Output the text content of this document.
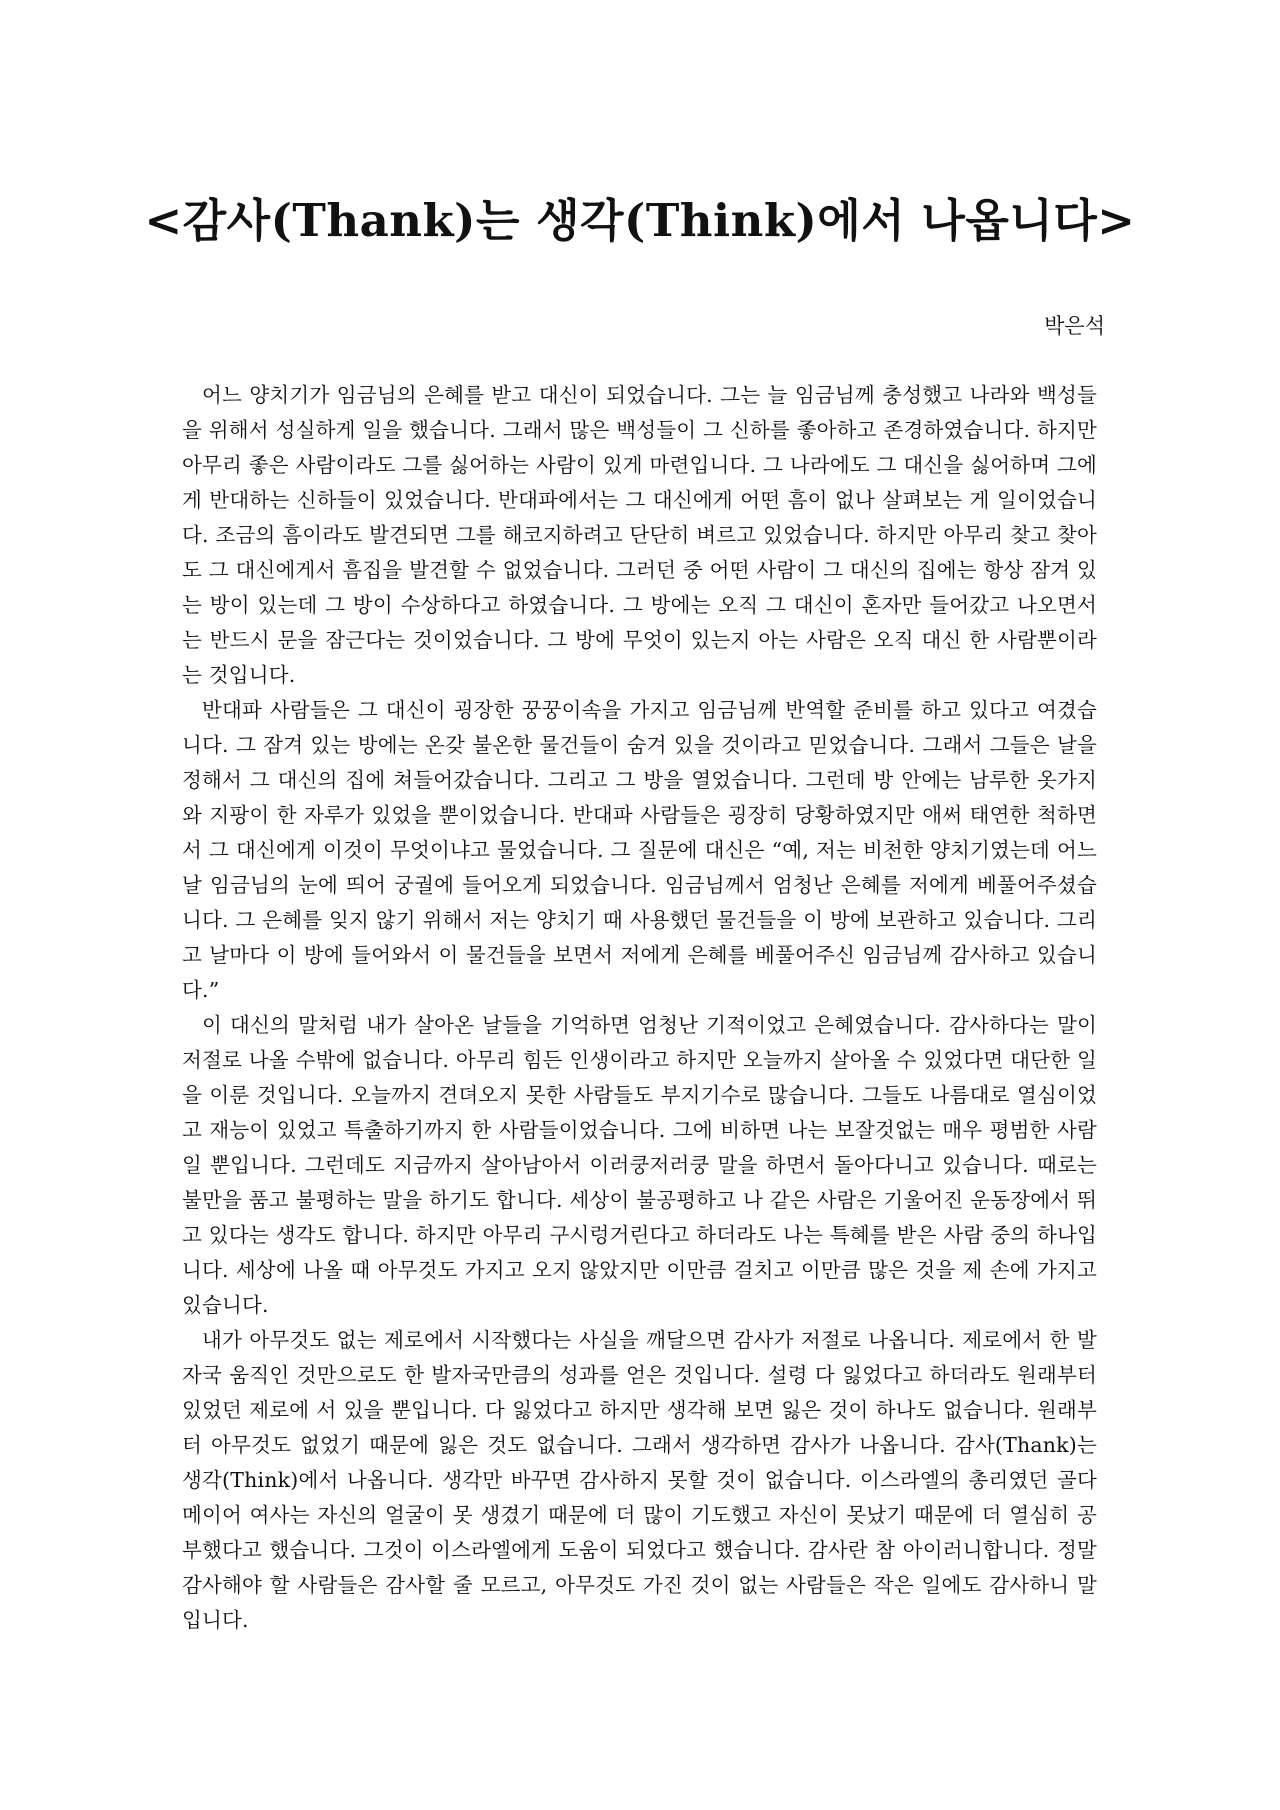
<감사(Thank)는 생각(Think)에서 나옵니다>

박은석

어느 양치기가 임금님의 은혜를 받고 대신이 되었습니다. 그는 늘 임금님께 충성했고 나라와 백성들을 위해서 성실하게 일을 했습니다. 그래서 많은 백성들이 그 신하를 좋아하고 존경하였습니다. 하지만 아무리 좋은 사람이라도 그를 싫어하는 사람이 있게 마련입니다. 그 나라에도 그 대신을 싫어하며 그에게 반대하는 신하들이 있었습니다. 반대파에서는 그 대신에게 어떤 흠이 없나 살펴보는 게 일이었습니다. 조금의 흠이라도 발견되면 그를 해코지하려고 단단히 벼르고 있었습니다. 하지만 아무리 찾고 찾아도 그 대신에게서 흠집을 발견할 수 없었습니다. 그러던 중 어떤 사람이 그 대신의 집에는 항상 잠겨 있는 방이 있는데 그 방이 수상하다고 하였습니다. 그 방에는 오직 그 대신이 혼자만 들어갔고 나오면서는 반드시 문을 잠근다는 것이었습니다. 그 방에 무엇이 있는지 아는 사람은 오직 대신 한 사람뿐이라는 것입니다.

반대파 사람들은 그 대신이 굉장한 꿍꿍이속을 가지고 임금님께 반역할 준비를 하고 있다고 여겼습니다. 그 잠겨 있는 방에는 온갖 불온한 물건들이 숨겨 있을 것이라고 믿었습니다. 그래서 그들은 날을 정해서 그 대신의 집에 쳐들어갔습니다. 그리고 그 방을 열었습니다. 그런데 방 안에는 남루한 옷가지와 지팡이 한 자루가 있었을 뿐이었습니다. 반대파 사람들은 굉장히 당황하였지만 애써 태연한 척하면서 그 대신에게 이것이 무엇이냐고 물었습니다. 그 질문에 대신은 “예, 저는 비천한 양치기였는데 어느 날 임금님의 눈에 띄어 궁궐에 들어오게 되었습니다. 임금님께서 엄청난 은혜를 저에게 베풀어주셨습니다. 그 은혜를 잊지 않기 위해서 저는 양치기 때 사용했던 물건들을 이 방에 보관하고 있습니다. 그리고 날마다 이 방에 들어와서 이 물건들을 보면서 저에게 은혜를 베풀어주신 임금님께 감사하고 있습니다.”

이 대신의 말처럼 내가 살아온 날들을 기억하면 엄청난 기적이었고 은혜였습니다. 감사하다는 말이 저절로 나올 수밖에 없습니다. 아무리 힘든 인생이라고 하지만 오늘까지 살아올 수 있었다면 대단한 일을 이룬 것입니다. 오늘까지 견뎌오지 못한 사람들도 부지기수로 많습니다. 그들도 나름대로 열심이었고 재능이 있었고 특출하기까지 한 사람들이었습니다. 그에 비하면 나는 보잘것없는 매우 평범한 사람일 뿐입니다. 그런데도 지금까지 살아남아서 이러쿵저러쿵 말을 하면서 돌아다니고 있습니다. 때로는 불만을 품고 불평하는 말을 하기도 합니다. 세상이 불공평하고 나 같은 사람은 기울어진 운동장에서 뛰고 있다는 생각도 합니다. 하지만 아무리 구시렁거린다고 하더라도 나는 특혜를 받은 사람 중의 하나입니다. 세상에 나올 때 아무것도 가지고 오지 않았지만 이만큼 걸치고 이만큼 많은 것을 제 손에 가지고 있습니다.

내가 아무것도 없는 제로에서 시작했다는 사실을 깨달으면 감사가 저절로 나옵니다. 제로에서 한 발자국 움직인 것만으로도 한 발자국만큼의 성과를 얻은 것입니다. 설령 다 잃었다고 하더라도 원래부터 있었던 제로에 서 있을 뿐입니다. 다 잃었다고 하지만 생각해 보면 잃은 것이 하나도 없습니다. 원래부터 아무것도 없었기 때문에 잃은 것도 없습니다. 그래서 생각하면 감사가 나옵니다. 감사(Thank)는 생각(Think)에서 나옵니다. 생각만 바꾸면 감사하지 못할 것이 없습니다. 이스라엘의 총리였던 골다 메이어 여사는 자신의 얼굴이 못 생겼기 때문에 더 많이 기도했고 자신이 못났기 때문에 더 열심히 공부했다고 했습니다. 그것이 이스라엘에게 도움이 되었다고 했습니다. 감사란 참 아이러니합니다. 정말 감사해야 할 사람들은 감사할 줄 모르고, 아무것도 가진 것이 없는 사람들은 작은 일에도 감사하니 말입니다.
